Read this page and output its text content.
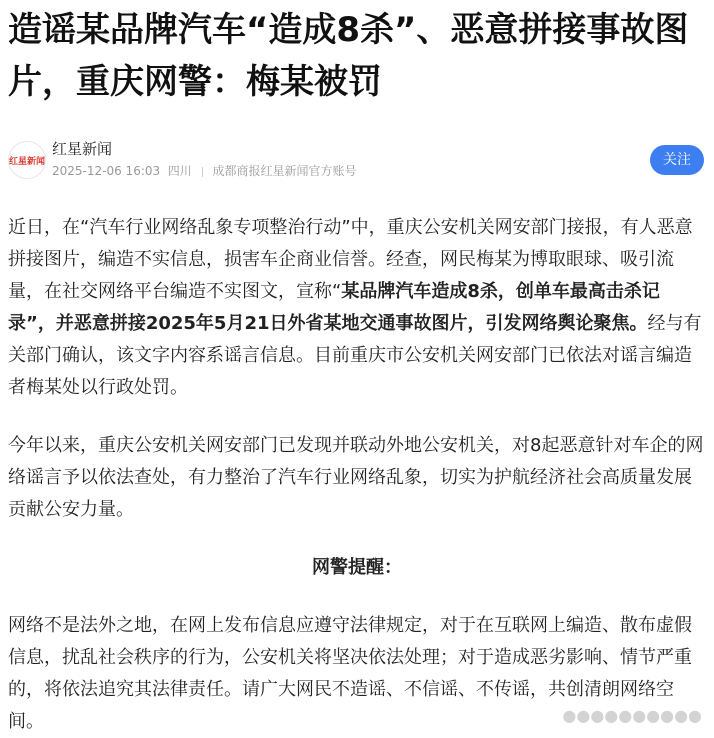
造谣某品牌汽车“造成8杀”、恶意拼接事故图片，重庆网警：梅某被罚
红星新闻
红星新闻
2025-12-06 16:03 四川 成都商报红星新闻官方账号
关注

近日，在“汽车行业网络乱象专项整治行动”中，重庆公安机关网安部门接报，有人恶意拼接图片，编造不实信息，损害车企商业信誉。经查，网民梅某为博取眼球、吸引流量，在社交网络平台编造不实图文，宣称“某品牌汽车造成8杀，创单车最高击杀记录”，并恶意拼接2025年5月21日外省某地交通事故图片，引发网络舆论聚焦。经与有关部门确认，该文字内容系谣言信息。目前重庆市公安机关网安部门已依法对谣言编造者梅某处以行政处罚。

今年以来，重庆公安机关网安部门已发现并联动外地公安机关，对8起恶意针对车企的网络谣言予以依法查处，有力整治了汽车行业网络乱象，切实为护航经济社会高质量发展贡献公安力量。

网警提醒：

网络不是法外之地，在网上发布信息应遵守法律规定，对于在互联网上编造、散布虚假信息，扰乱社会秩序的行为，公安机关将坚决依法处理；对于造成恶劣影响、情节严重的，将依法追究其法律责任。请广大网民不造谣、不信谣、不传谣，共创清朗网络空间。	●●●●●●●●●●
